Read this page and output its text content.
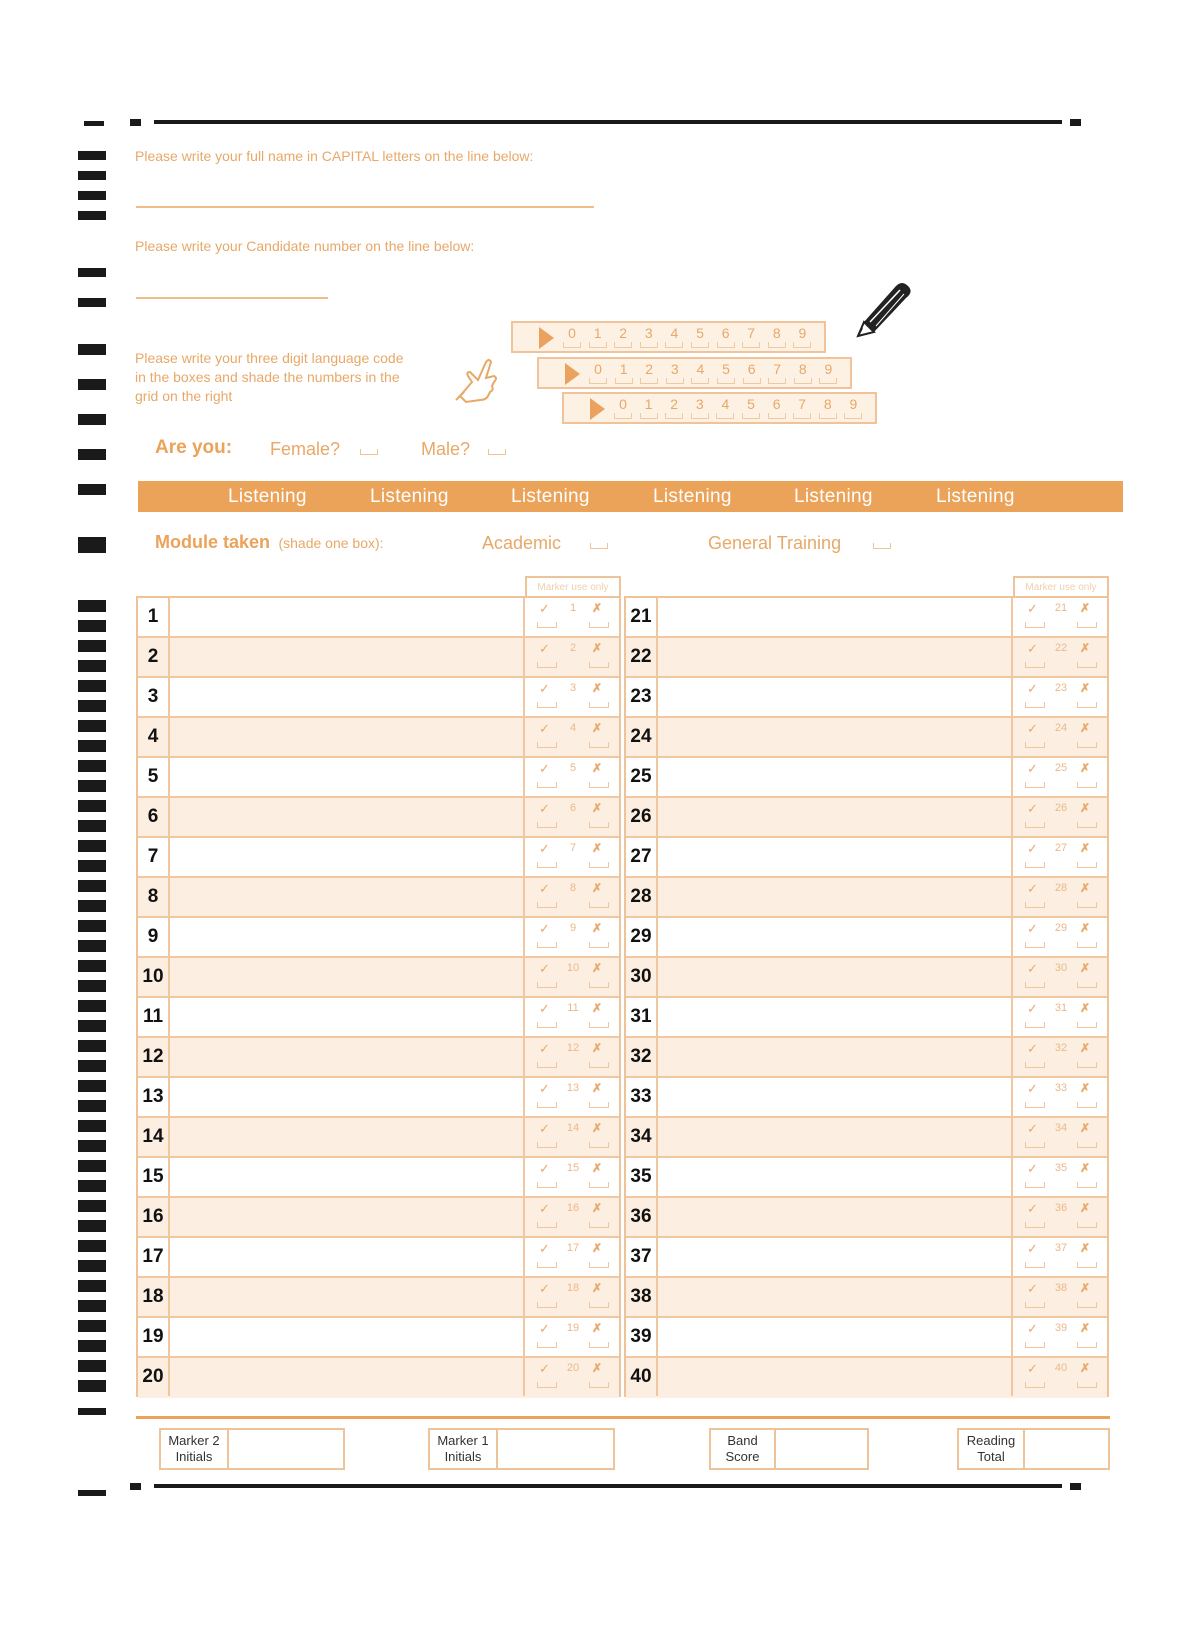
Please write your full name in CAPITAL letters on the line below:
Please write your Candidate number on the line below:
Please write your three digit language code
in the boxes and shade the numbers in the
grid on the right
0	1	2	3	4	5	6	7	8	9
0	1	2	3	4	5	6	7	8	9
0	1	2	3	4	5	6	7	8	9
Are you: Female?	Male?
Listening	Listening	Listening	Listening	Listening	Listening
Module taken (shade one box):	Academic	General Training
Marker use only	Marker use only
1	✓	1	✗
2	✓	2	✗
3	✓	3	✗
4	✓	4	✗
5	✓	5	✗
6	✓	6	✗
7	✓	7	✗
8	✓	8	✗
9	✓	9	✗
10	✓	10	✗
11	✓	11	✗
12	✓	12	✗
13	✓	13	✗
14	✓	14	✗
15	✓	15	✗
16	✓	16	✗
17	✓	17	✗
18	✓	18	✗
19	✓	19	✗
20	✓	20	✗
21	✓	21	✗
22	✓	22	✗
23	✓	23	✗
24	✓	24	✗
25	✓	25	✗
26	✓	26	✗
27	✓	27	✗
28	✓	28	✗
29	✓	29	✗
30	✓	30	✗
31	✓	31	✗
32	✓	32	✗
33	✓	33	✗
34	✓	34	✗
35	✓	35	✗
36	✓	36	✗
37	✓	37	✗
38	✓	38	✗
39	✓	39	✗
40	✓	40	✗
Marker 2
Initials
Marker 1
Initials
Band
Score
Reading
Total
